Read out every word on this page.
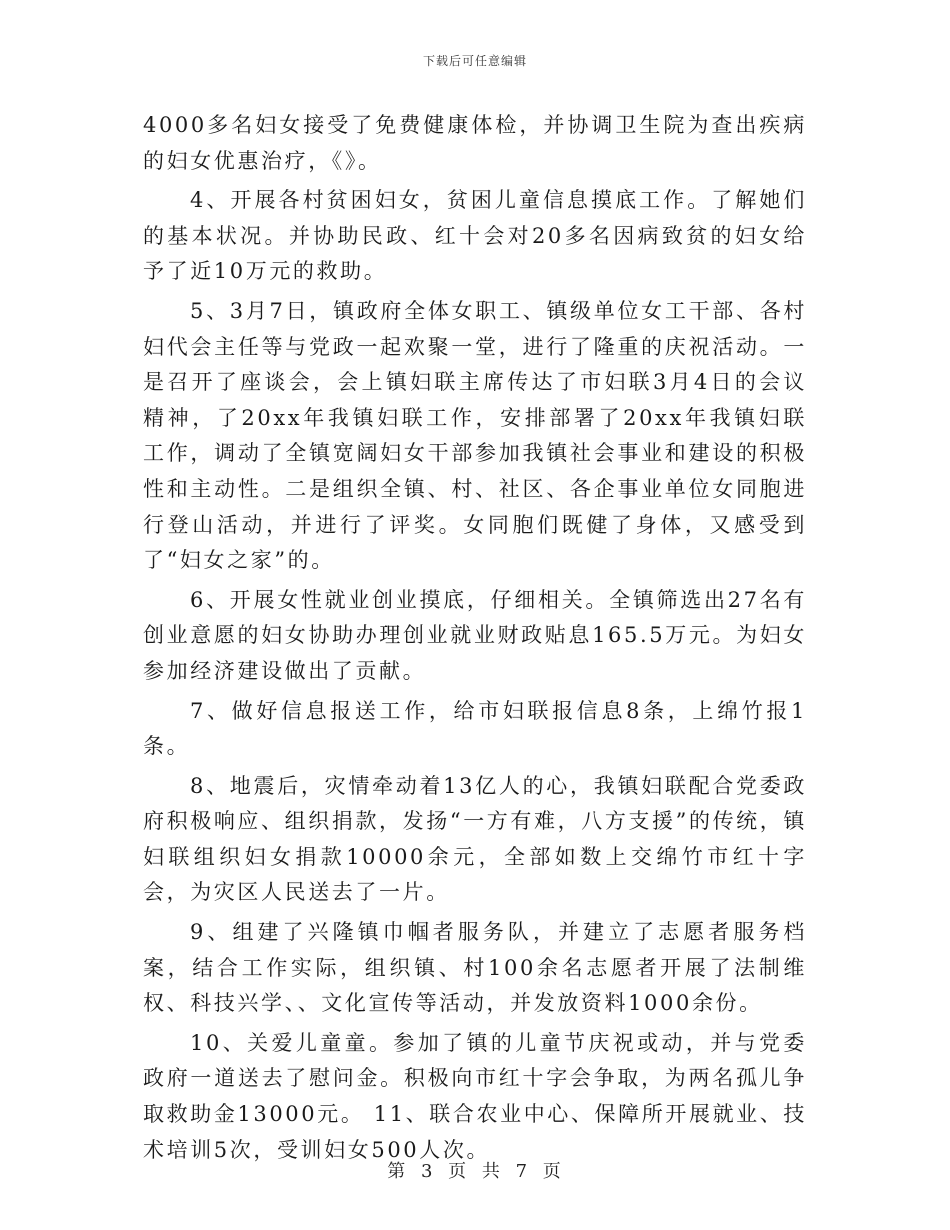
下载后可任意编辑

4000多名妇女接受了免费健康体检，并协调卫生院为查出疾病的妇女优惠治疗，《》。

4、开展各村贫困妇女，贫困儿童信息摸底工作。了解她们的基本状况。并协助民政、红十会对20多名因病致贫的妇女给予了近10万元的救助。

5、3月7日，镇政府全体女职工、镇级单位女工干部、各村妇代会主任等与党政一起欢聚一堂，进行了隆重的庆祝活动。一是召开了座谈会，会上镇妇联主席传达了市妇联3月4日的会议精神，了20xx年我镇妇联工作，安排部署了20xx年我镇妇联工作，调动了全镇宽阔妇女干部参加我镇社会事业和建设的积极性和主动性。二是组织全镇、村、社区、各企事业单位女同胞进行登山活动，并进行了评奖。女同胞们既健了身体，又感受到了“妇女之家”的。

6、开展女性就业创业摸底，仔细相关。全镇筛选出27名有创业意愿的妇女协助办理创业就业财政贴息165.5万元。为妇女参加经济建设做出了贡献。

7、做好信息报送工作，给市妇联报信息8条，上绵竹报1条。

8、地震后，灾情牵动着13亿人的心，我镇妇联配合党委政府积极响应、组织捐款，发扬“一方有难，八方支援”的传统，镇妇联组织妇女捐款10000余元，全部如数上交绵竹市红十字会，为灾区人民送去了一片。

9、组建了兴隆镇巾帼者服务队，并建立了志愿者服务档案，结合工作实际，组织镇、村100余名志愿者开展了法制维权、科技兴学、、文化宣传等活动，并发放资料1000余份。

10、关爱儿童童。参加了镇的儿童节庆祝或动，并与党委政府一道送去了慰问金。积极向市红十字会争取，为两名孤儿争取救助金13000元。 11、联合农业中心、保障所开展就业、技术培训5次，受训妇女500人次。

第 3 页 共 7 页
